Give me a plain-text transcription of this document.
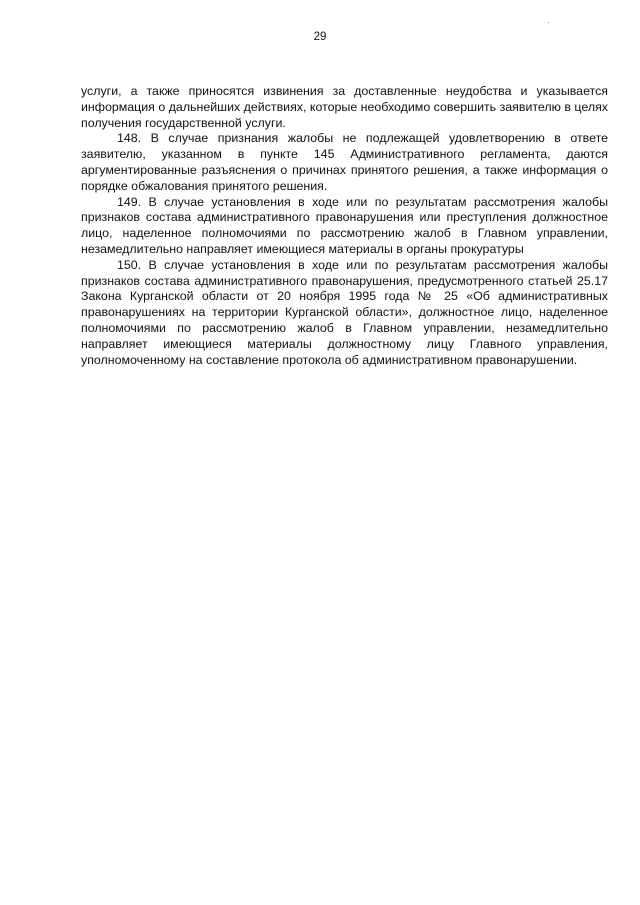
29

услуги, а также приносятся извинения за доставленные неудобства и указывается информация о дальнейших действиях, которые необходимо совершить заявителю в целях получения государственной услуги.

148. В случае признания жалобы не подлежащей удовлетворению в ответе заявителю, указанном в пункте 145 Административного регламента, даются аргументированные разъяснения о причинах принятого решения, а также информация о порядке обжалования принятого решения.

149. В случае установления в ходе или по результатам рассмотрения жалобы признаков состава административного правонарушения или преступления должностное лицо, наделенное полномочиями по рассмотрению жалоб в Главном управлении, незамедлительно направляет имеющиеся материалы в органы прокуратуры

150. В случае установления в ходе или по результатам рассмотрения жалобы признаков состава административного правонарушения, предусмотренного статьей 25.17 Закона Курганской области от 20 ноября 1995 года № 25 «Об административных правонарушениях на территории Курганской области», должностное лицо, наделенное полномочиями по рассмотрению жалоб в Главном управлении, незамедлительно направляет имеющиеся материалы должностному лицу Главного управления, уполномоченному на составление протокола об административном правонарушении.
